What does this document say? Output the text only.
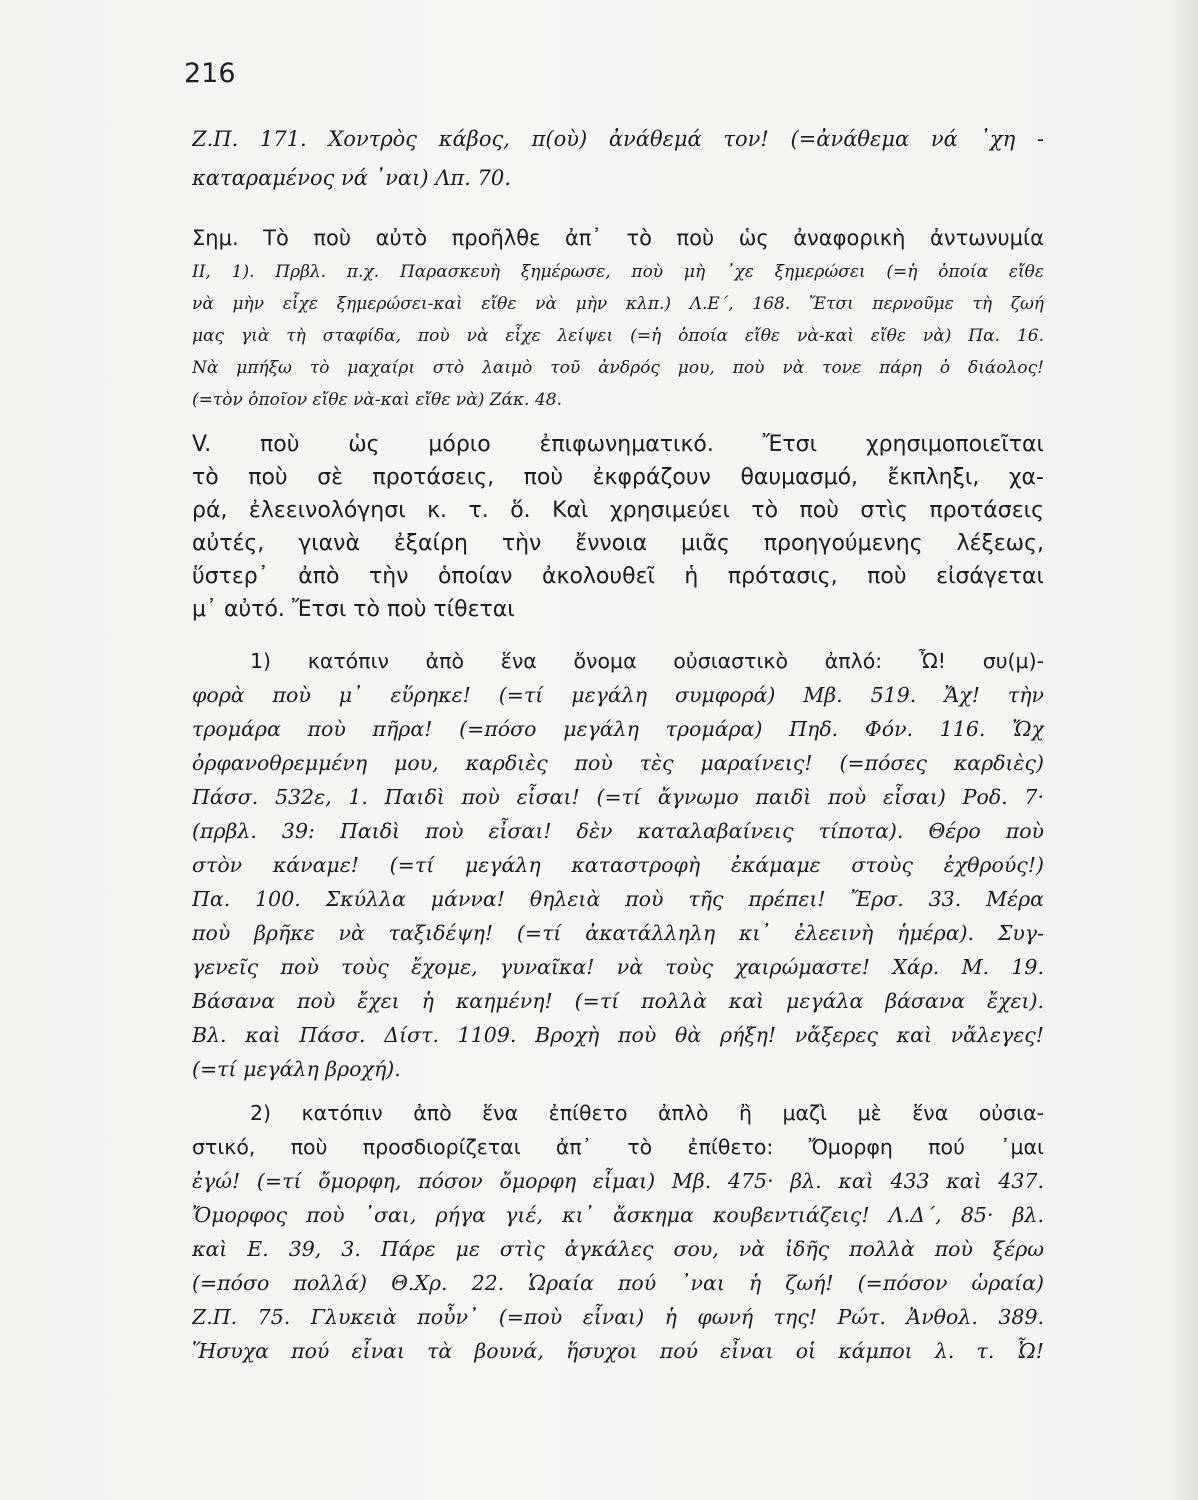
216
Ζ.Π. 171. Χοντρὸς κάβος, π(οὺ) ἀνάθεμά τον! (=ἀνάθεμα νά ᾿χη -
καταραμένος νά ᾿ναι) Λπ. 70.
Σημ. Τὸ ποὺ αὐτὸ προῆλθε ἀπ᾿ τὸ ποὺ ὡς ἀναφορικὴ ἀντωνυμία
ΙΙ, 1). Πρβλ. π.χ. Παρασκευὴ ξημέρωσε, ποὺ μὴ ᾿χε ξημερώσει (=ἡ ὁποία εἴθε
νὰ μὴν εἶχε ξημερώσει-καὶ εἴθε νὰ μὴν κλπ.) Λ.Ε΄, 168. Ἔτσι περνοῦμε τὴ ζωή
μας γιὰ τὴ σταφίδα, ποὺ νὰ εἶχε λείψει (=ἡ ὁποία εἴθε νὰ-καὶ εἴθε νὰ) Πα. 16.
Νὰ μπήξω τὸ μαχαίρι στὸ λαιμὸ τοῦ ἀνδρός μου, ποὺ νὰ τονε πάρη ὁ διάολος!
(=τὸν ὁποῖον εἴθε νὰ-καὶ εἴθε νὰ) Ζάκ. 48.
V. ποὺ ὡς μόριο ἐπιφωνηματικό. Ἔτσι χρησιμοποιεῖται
τὸ ποὺ σὲ προτάσεις, ποὺ ἐκφράζουν θαυμασμό, ἔκπληξι, χα-
ρά, ἐλεεινολόγησι κ. τ. ὅ. Καὶ χρησιμεύει τὸ ποὺ στὶς προτάσεις
αὐτές, γιανὰ ἐξαίρη τὴν ἔννοια μιᾶς προηγούμενης λέξεως,
ὕστερ᾿ ἀπὸ τὴν ὁποίαν ἀκολουθεῖ ἡ πρότασις, ποὺ εἰσάγεται
μ᾿ αὐτό. Ἔτσι τὸ ποὺ τίθεται
1) κατόπιν ἀπὸ ἕνα ὄνομα οὐσιαστικὸ ἀπλό: Ὦ! συ(μ)-
φορὰ ποὺ μ᾿ εὕρηκε! (=τί μεγάλη συμφορά) Μβ. 519. Ἄχ! τὴν
τρομάρα ποὺ πῆρα! (=πόσο μεγάλη τρομάρα) Πηδ. Φόν. 116. Ὤχ
ὀρφανοθρεμμένη μου, καρδιὲς ποὺ τὲς μαραίνεις! (=πόσες καρδιὲς)
Πάσσ. 532ε, 1. Παιδὶ ποὺ εἶσαι! (=τί ἄγνωμο παιδὶ ποὺ εἶσαι) Ροδ. 7·
(πρβλ. 39: Παιδὶ ποὺ εἶσαι! δὲν καταλαβαίνεις τίποτα). Θέρο ποὺ
στὸν κάναμε! (=τί μεγάλη καταστροφὴ ἐκάμαμε στοὺς ἐχθρούς!)
Πα. 100. Σκύλλα μάννα! θηλειὰ ποὺ τῆς πρέπει! Ἔρσ. 33. Μέρα
ποὺ βρῆκε νὰ ταξιδέψη! (=τί ἀκατάλληλη κι᾿ ἐλεεινὴ ἡμέρα). Συγ-
γενεῖς ποὺ τοὺς ἔχομε, γυναῖκα! νὰ τοὺς χαιρώμαστε! Χάρ. Μ. 19.
Βάσανα ποὺ ἔχει ἡ καημένη! (=τί πολλὰ καὶ μεγάλα βάσανα ἔχει).
Βλ. καὶ Πάσσ. Δίστ. 1109. Βροχὴ ποὺ θὰ ρήξη! νἄξερες καὶ νἄλεγες!
(=τί μεγάλη βροχή).
2) κατόπιν ἀπὸ ἕνα ἐπίθετο ἀπλὸ ἢ μαζὶ μὲ ἕνα οὐσια-
στικό, ποὺ προσδιορίζεται ἀπ᾿ τὸ ἐπίθετο: Ὄμορφη πού ᾿μαι
ἐγώ! (=τί ὄμορφη, πόσον ὄμορφη εἶμαι) Μβ. 475· βλ. καὶ 433 καὶ 437.
Ὄμορφος ποὺ ᾿σαι, ρήγα γιέ, κι᾿ ἄσκημα κουβεντιάζεις! Λ.Δ΄, 85· βλ.
καὶ Ε. 39, 3. Πάρε με στὶς ἀγκάλες σου, νὰ ἰδῆς πολλὰ ποὺ ξέρω
(=πόσο πολλά) Θ.Χρ. 22. Ὡραία πού ᾿ναι ἡ ζωή! (=πόσον ὡραία)
Ζ.Π. 75. Γλυκειὰ ποὖν᾿ (=ποὺ εἶναι) ἡ φωνή της! Ρώτ. Ἀνθολ. 389.
Ἥσυχα πού εἶναι τὰ βουνά, ἥσυχοι πού εἶναι οἱ κάμποι λ. τ. Ὦ!
